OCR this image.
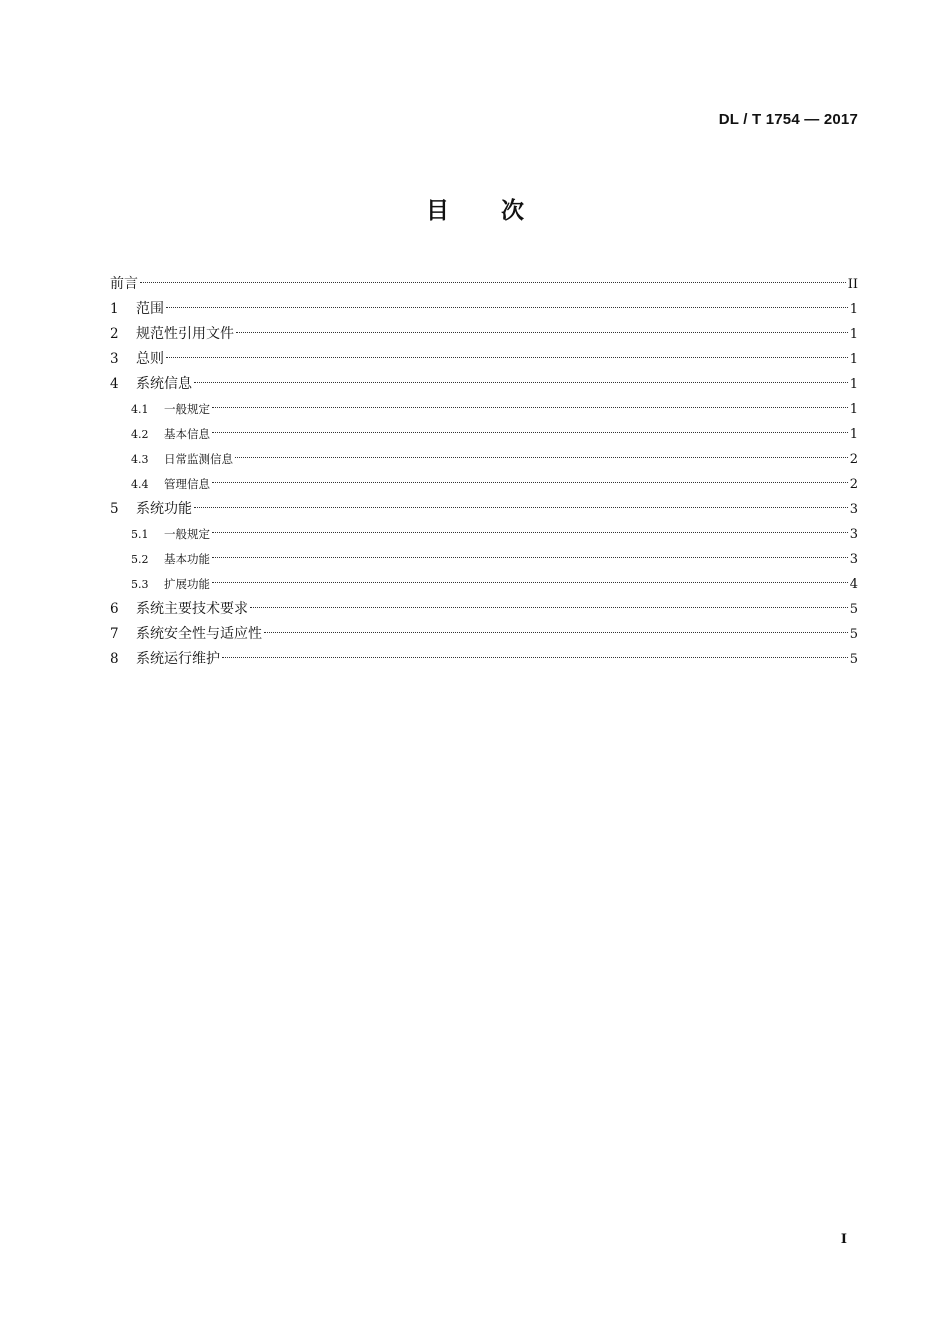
DL / T 1754 — 2017
目 次
前言	II
1	范围	1
2	规范性引用文件	1
3	总则	1
4	系统信息	1
4.1	一般规定	1
4.2	基本信息	1
4.3	日常监测信息	2
4.4	管理信息	2
5	系统功能	3
5.1	一般规定	3
5.2	基本功能	3
5.3	扩展功能	4
6	系统主要技术要求	5
7	系统安全性与适应性	5
8	系统运行维护	5
I
